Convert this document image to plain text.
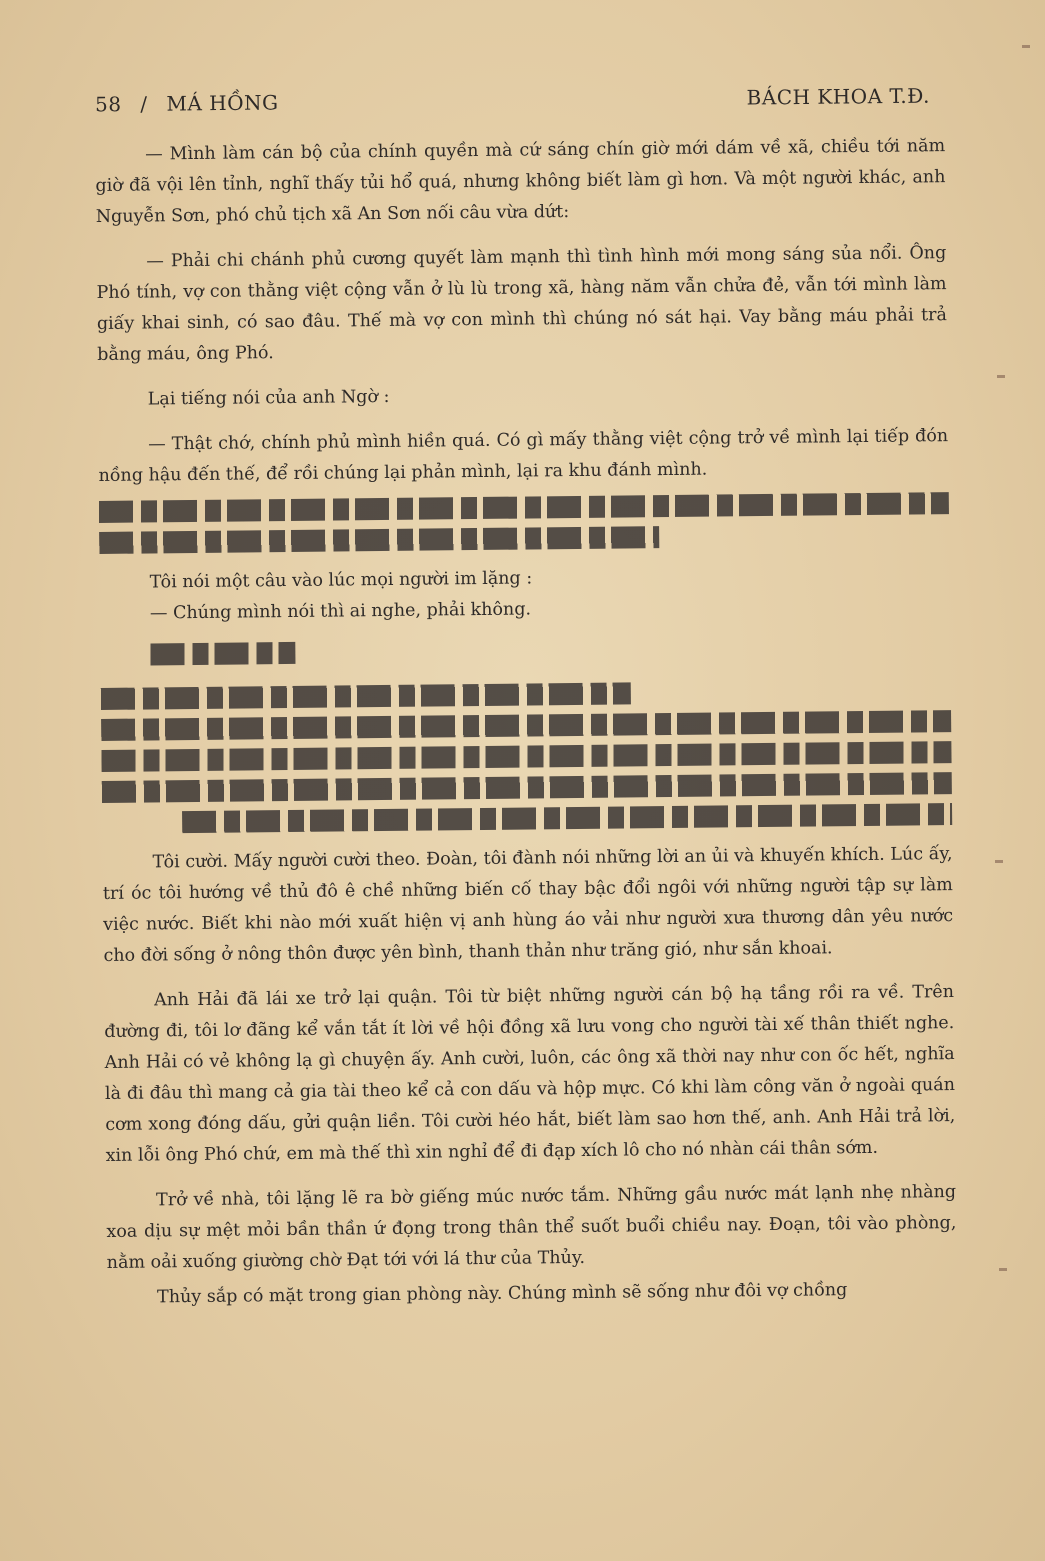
58 / MÁ HỒNG	BÁCH KHOA T.Đ.

— Mình làm cán bộ của chính quyền mà cứ sáng chín giờ mới dám về xã, chiều tới năm giờ đã vội lên tỉnh, nghĩ thấy tủi hổ quá, nhưng không biết làm gì hơn. Và một người khác, anh Nguyễn Sơn, phó chủ tịch xã An Sơn nối câu vừa dứt:

— Phải chi chánh phủ cương quyết làm mạnh thì tình hình mới mong sáng sủa nổi. Ông Phó tính, vợ con thằng việt cộng vẫn ở lù lù trong xã, hàng năm vẫn chửa đẻ, vẫn tới mình làm giấy khai sinh, có sao đâu. Thế mà vợ con mình thì chúng nó sát hại. Vay bằng máu phải trả bằng máu, ông Phó.

Lại tiếng nói của anh Ngờ :

— Thật chớ, chính phủ mình hiền quá. Có gì mấy thằng việt cộng trở về mình lại tiếp đón nồng hậu đến thế, để rồi chúng lại phản mình, lại ra khu đánh mình.

Tôi nói một câu vào lúc mọi người im lặng :

— Chúng mình nói thì ai nghe, phải không.

Tôi cười. Mấy người cười theo. Đoàn, tôi đành nói những lời an ủi và khuyến khích. Lúc ấy, trí óc tôi hướng về thủ đô ê chề những biến cố thay bậc đổi ngôi với những người tập sự làm việc nước. Biết khi nào mới xuất hiện vị anh hùng áo vải như người xưa thương dân yêu nước cho đời sống ở nông thôn được yên bình, thanh thản như trăng gió, như sắn khoai.

Anh Hải đã lái xe trở lại quận. Tôi từ biệt những người cán bộ hạ tầng rồi ra về. Trên đường đi, tôi lơ đãng kể vắn tắt ít lời về hội đồng xã lưu vong cho người tài xế thân thiết nghe. Anh Hải có vẻ không lạ gì chuyện ấy. Anh cười, luôn, các ông xã thời nay như con ốc hết, nghĩa là đi đâu thì mang cả gia tài theo kể cả con dấu và hộp mực. Có khi làm công văn ở ngoài quán cơm xong đóng dấu, gửi quận liền. Tôi cười héo hắt, biết làm sao hơn thế, anh. Anh Hải trả lời, xin lỗi ông Phó chứ, em mà thế thì xin nghỉ để đi đạp xích lô cho nó nhàn cái thân sớm.

Trở về nhà, tôi lặng lẽ ra bờ giếng múc nước tắm. Những gầu nước mát lạnh nhẹ nhàng xoa dịu sự mệt mỏi bần thần ứ đọng trong thân thể suốt buổi chiều nay. Đoạn, tôi vào phòng, nằm oải xuống giường chờ Đạt tới với lá thư của Thủy.

Thủy sắp có mặt trong gian phòng này. Chúng mình sẽ sống như đôi vợ chồng
